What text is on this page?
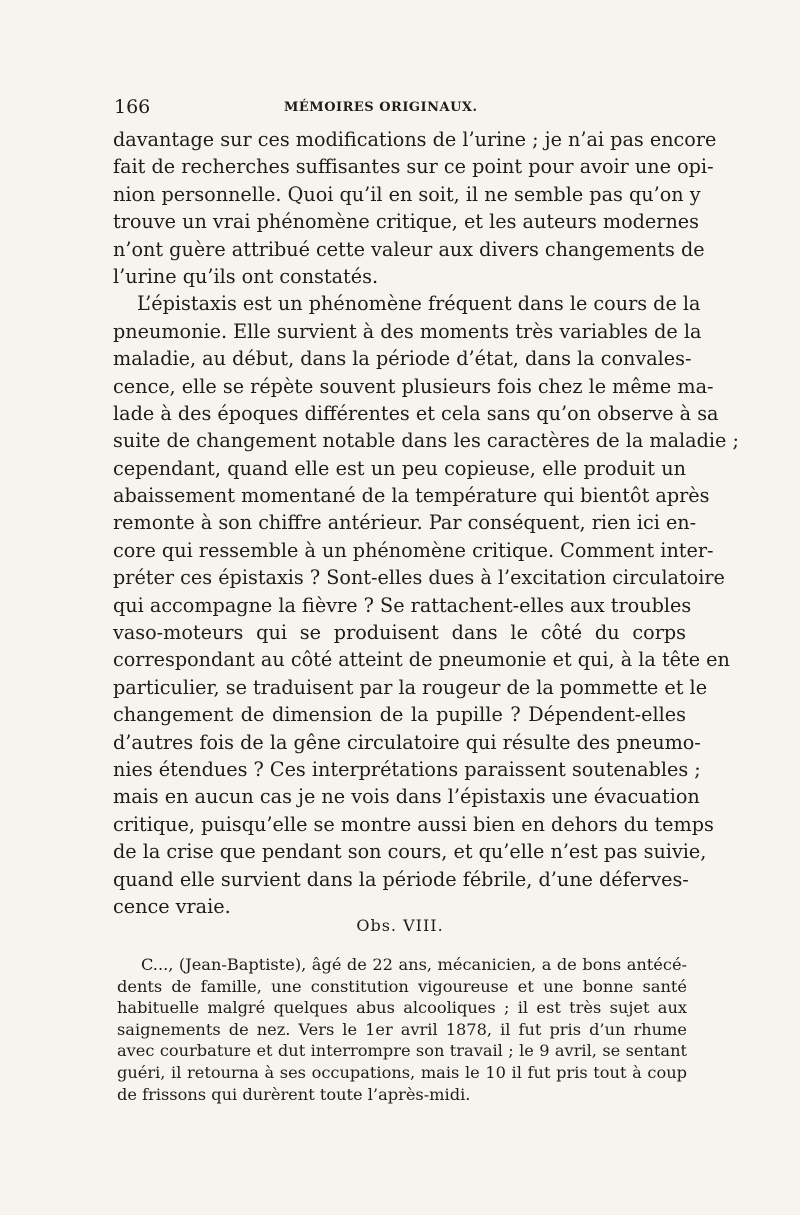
166	MÉMOIRES ORIGINAUX.
davantage sur ces modifications de l’urine ; je n’ai pas encore
fait de recherches suffisantes sur ce point pour avoir une opi-
nion personnelle. Quoi qu’il en soit, il ne semble pas qu’on y
trouve un vrai phénomène critique, et les auteurs modernes
n’ont guère attribué cette valeur aux divers changements de
l’urine qu’ils ont constatés.
L’épistaxis est un phénomène fréquent dans le cours de la
pneumonie. Elle survient à des moments très variables de la
maladie, au début, dans la période d’état, dans la convales-
cence, elle se répète souvent plusieurs fois chez le même ma-
lade à des époques différentes et cela sans qu’on observe à sa
suite de changement notable dans les caractères de la maladie ;
cependant, quand elle est un peu copieuse, elle produit un
abaissement momentané de la température qui bientôt après
remonte à son chiffre antérieur. Par conséquent, rien ici en-
core qui ressemble à un phénomène critique. Comment inter-
préter ces épistaxis ? Sont-elles dues à l’excitation circulatoire
qui accompagne la fièvre ? Se rattachent-elles aux troubles
vaso-moteurs qui se produisent dans le côté du corps
correspondant au côté atteint de pneumonie et qui, à la tête en
particulier, se traduisent par la rougeur de la pommette et le
changement de dimension de la pupille ? Dépendent-elles
d’autres fois de la gêne circulatoire qui résulte des pneumo-
nies étendues ? Ces interprétations paraissent soutenables ;
mais en aucun cas je ne vois dans l’épistaxis une évacuation
critique, puisqu’elle se montre aussi bien en dehors du temps
de la crise que pendant son cours, et qu’elle n’est pas suivie,
quand elle survient dans la période fébrile, d’une déferves-
cence vraie.
Obs. VIII.
C..., (Jean-Baptiste), âgé de 22 ans, mécanicien, a de bons antécé-
dents de famille, une constitution vigoureuse et une bonne santé
habituelle malgré quelques abus alcooliques ; il est très sujet aux
saignements de nez. Vers le 1er avril 1878, il fut pris d’un rhume
avec courbature et dut interrompre son travail ; le 9 avril, se sentant
guéri, il retourna à ses occupations, mais le 10 il fut pris tout à coup
de frissons qui durèrent toute l’après-midi.
